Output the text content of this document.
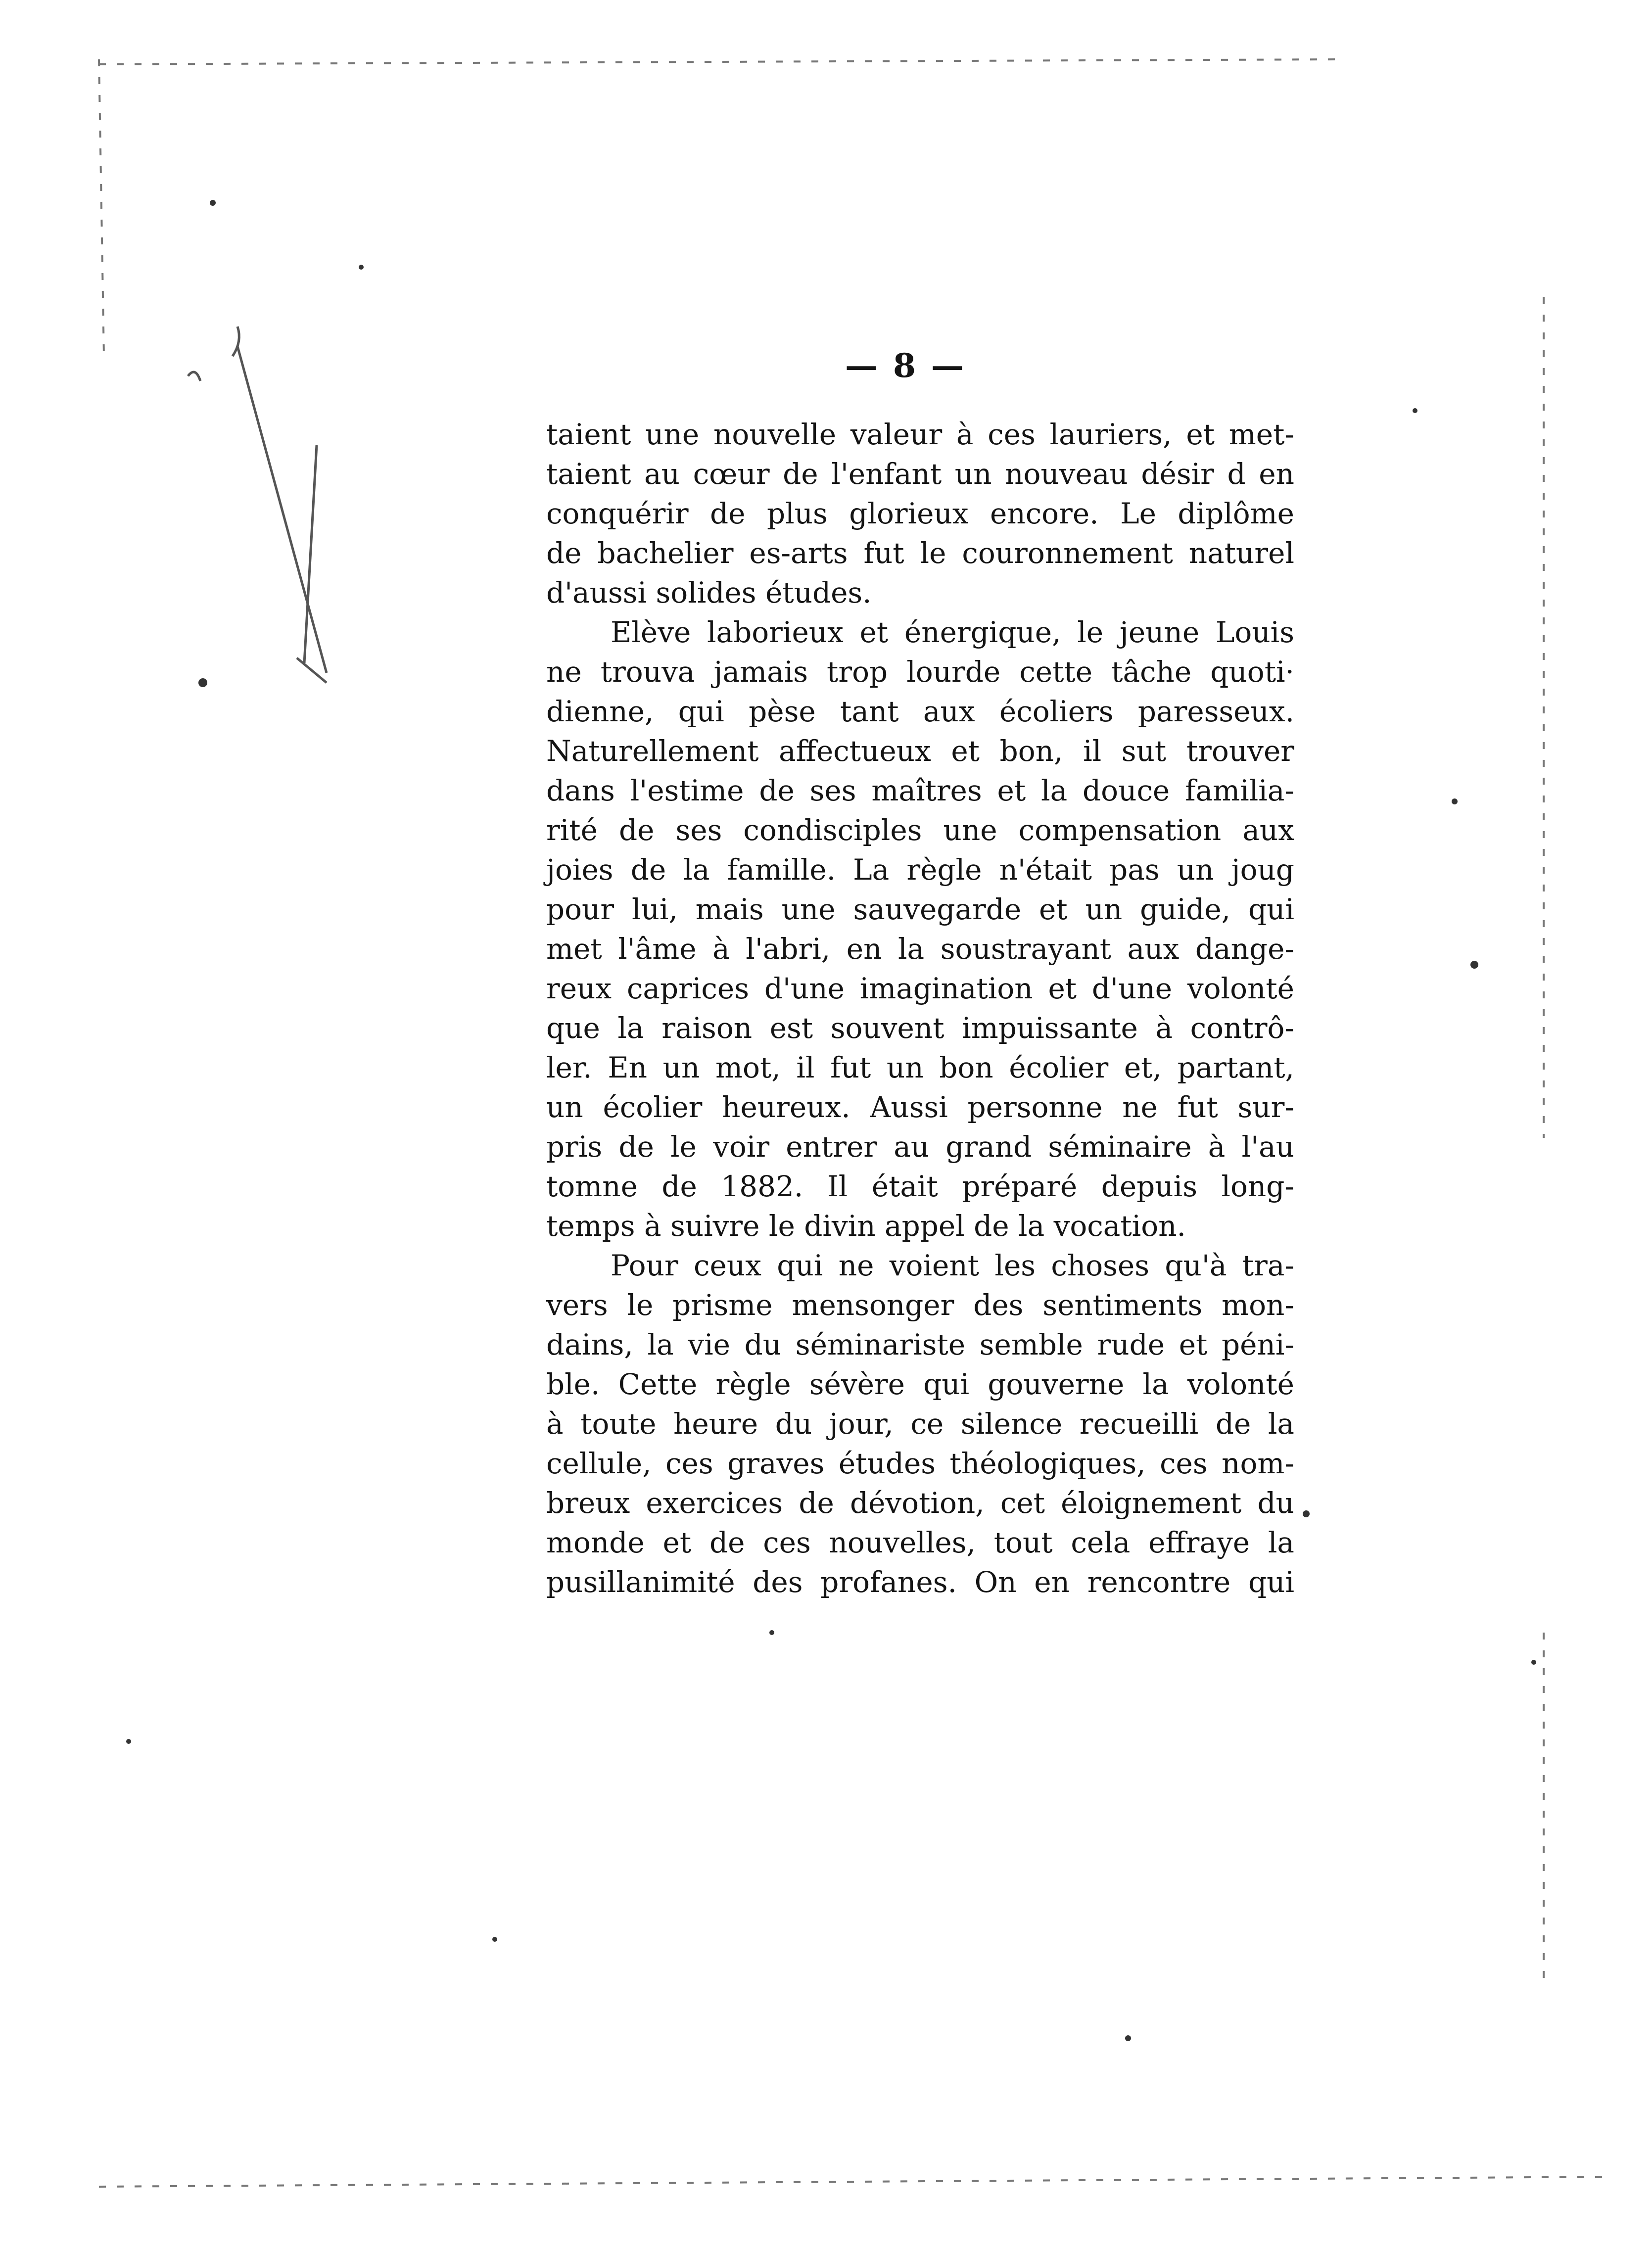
— 8 —
taient une nouvelle valeur à ces lauriers, et met-
taient au cœur de l'enfant un nouveau désir d en
conquérir de plus glorieux encore. Le diplôme
de bachelier es-arts fut le couronnement naturel
d'aussi solides études.
Elève laborieux et énergique, le jeune Louis
ne trouva jamais trop lourde cette tâche quoti·
dienne, qui pèse tant aux écoliers paresseux.
Naturellement affectueux et bon, il sut trouver
dans l'estime de ses maîtres et la douce familia-
rité de ses condisciples une compensation aux
joies de la famille. La règle n'était pas un joug
pour lui, mais une sauvegarde et un guide, qui
met l'âme à l'abri, en la soustrayant aux dange-
reux caprices d'une imagination et d'une volonté
que la raison est souvent impuissante à contrô-
ler. En un mot, il fut un bon écolier et, partant,
un écolier heureux. Aussi personne ne fut sur-
pris de le voir entrer au grand séminaire à l'au
tomne de 1882. Il était préparé depuis long-
temps à suivre le divin appel de la vocation.
Pour ceux qui ne voient les choses qu'à tra-
vers le prisme mensonger des sentiments mon-
dains, la vie du séminariste semble rude et péni-
ble. Cette règle sévère qui gouverne la volonté
à toute heure du jour, ce silence recueilli de la
cellule, ces graves études théologiques, ces nom-
breux exercices de dévotion, cet éloignement du
monde et de ces nouvelles, tout cela effraye la
pusillanimité des profanes. On en rencontre qui
